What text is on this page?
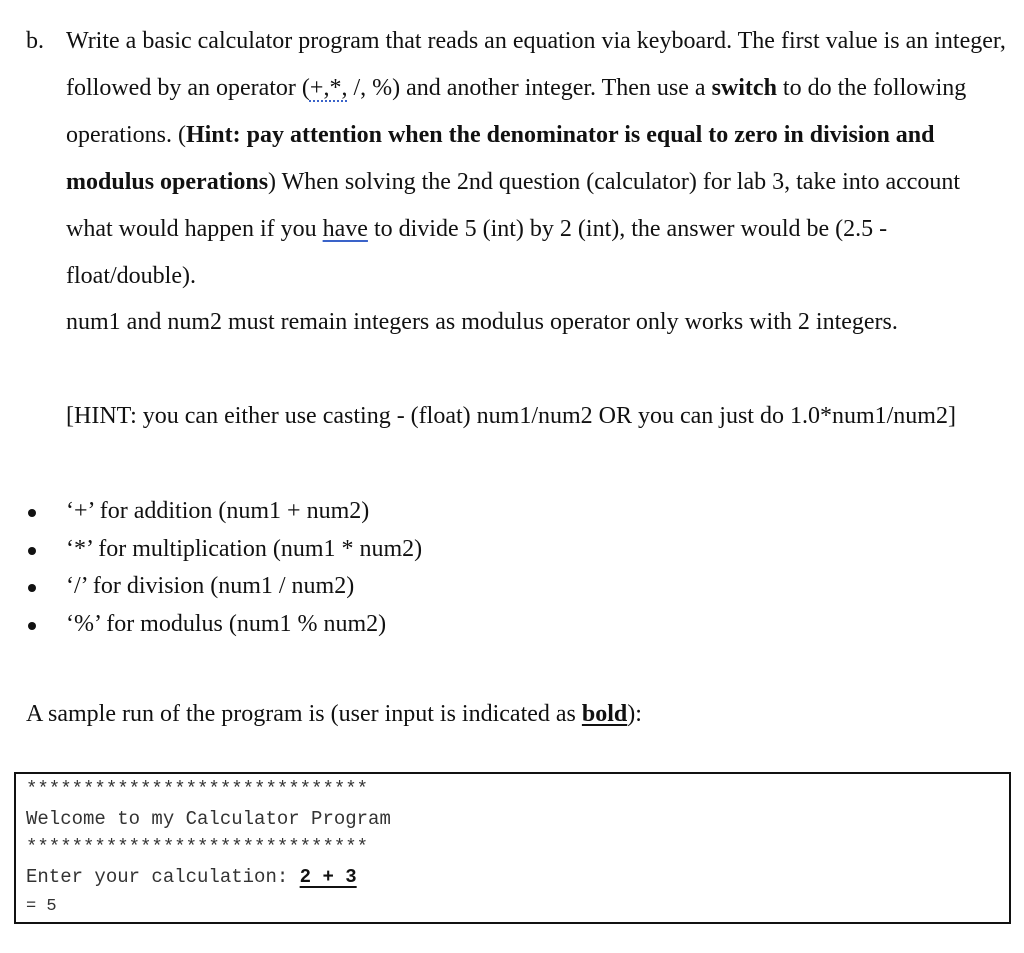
b. Write a basic calculator program that reads an equation via keyboard. The first value is an integer, followed by an operator (+,*, /, %) and another integer. Then use a switch to do the following operations. (Hint: pay attention when the denominator is equal to zero in division and modulus operations) When solving the 2nd question (calculator) for lab 3, take into account what would happen if you have to divide 5 (int) by 2 (int), the answer would be (2.5 - float/double).
num1 and num2 must remain integers as modulus operator only works with 2 integers.
[HINT: you can either use casting - (float) num1/num2 OR you can just do 1.0*num1/num2]
‘+’ for addition (num1 + num2)
‘*’ for multiplication (num1 * num2)
‘/’ for division (num1 / num2)
‘%’ for modulus (num1 % num2)
A sample run of the program is (user input is indicated as bold):
******************************
Welcome to my Calculator Program
******************************
Enter your calculation: 2 + 3
= 5
